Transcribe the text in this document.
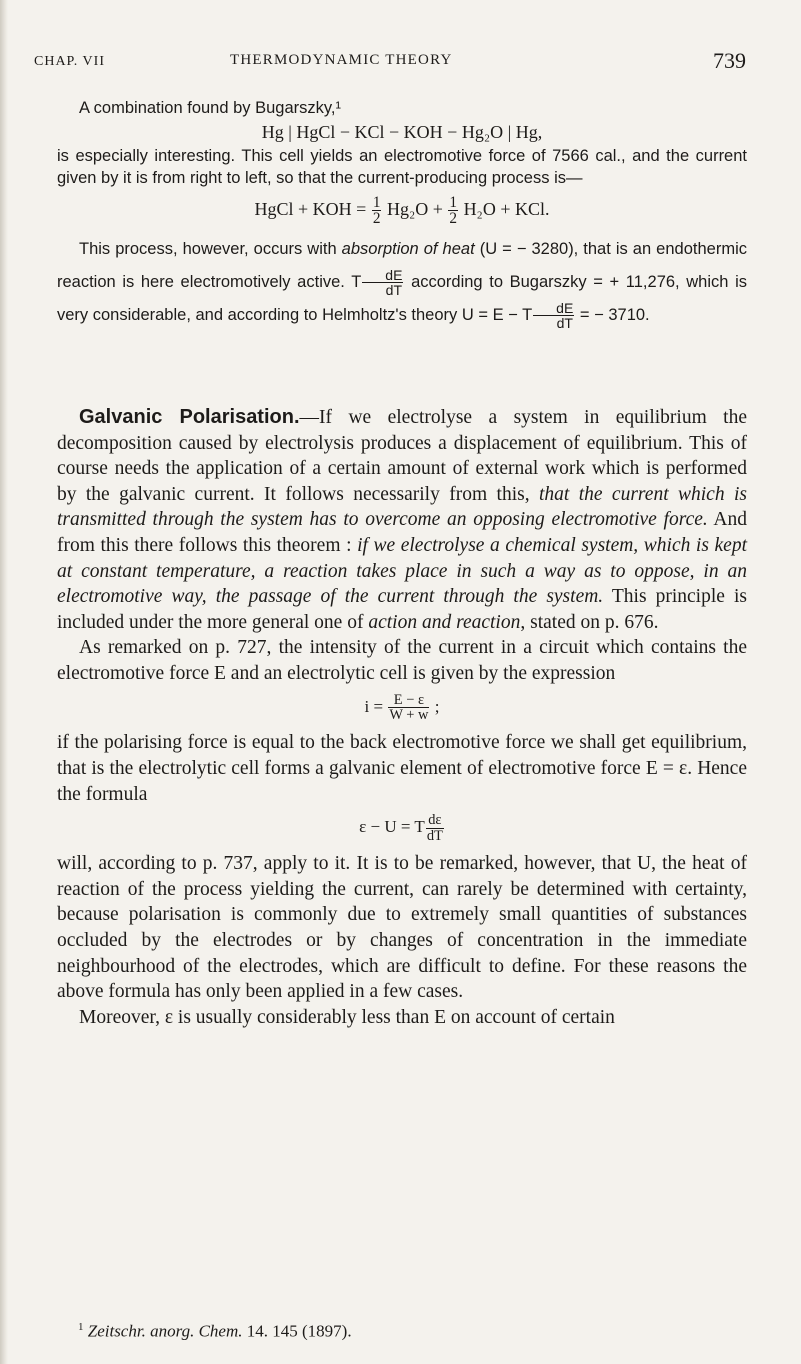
CHAP. VII	THERMODYNAMIC THEORY	739

A combination found by Bugarszky,¹

Hg | HgCl − KCl − KOH − Hg₂O | Hg,

is especially interesting. This cell yields an electromotive force of 7566 cal., and the current given by it is from right to left, so that the current-producing process is—

HgCl + KOH = $\frac{1}{2} Hg_2O + \frac{1}{2} H_2O$ + KCl.

This process, however, occurs with absorption of heat (U = − 3280), that is an endothermic reaction is here electromotively active. T $\frac{dE}{dT}$ according to Bugarszky = + 11,276, which is very considerable, and according to Helmholtz's theory U = E − T $\frac{dE}{dT}$ = − 3710.

Galvanic Polarisation.—If we electrolyse a system in equilibrium the decomposition caused by electrolysis produces a displacement of equilibrium. This of course needs the application of a certain amount of external work which is performed by the galvanic current. It follows necessarily from this, that the current which is transmitted through the system has to overcome an opposing electromotive force. And from this there follows this theorem : if we electrolyse a chemical system, which is kept at constant temperature, a reaction takes place in such a way as to oppose, in an electromotive way, the passage of the current through the system. This principle is included under the more general one of action and reaction, stated on p. 676.

As remarked on p. 727, the intensity of the current in a circuit which contains the electromotive force E and an electrolytic cell is given by the expression

$i = \frac{E - \varepsilon}{W + w}$ ;

if the polarising force is equal to the back electromotive force we shall get equilibrium, that is the electrolytic cell forms a galvanic element of electromotive force E = ε. Hence the formula

ε − U = T $\frac{d\varepsilon}{dT}$

will, according to p. 737, apply to it. It is to be remarked, however, that U, the heat of reaction of the process yielding the current, can rarely be determined with certainty, because polarisation is commonly due to extremely small quantities of substances occluded by the electrodes or by changes of concentration in the immediate neighbourhood of the electrodes, which are difficult to define. For these reasons the above formula has only been applied in a few cases.

Moreover, ε is usually considerably less than E on account of certain

$^1$ Zeitschr. anorg. Chem. 14. 145 (1897).
